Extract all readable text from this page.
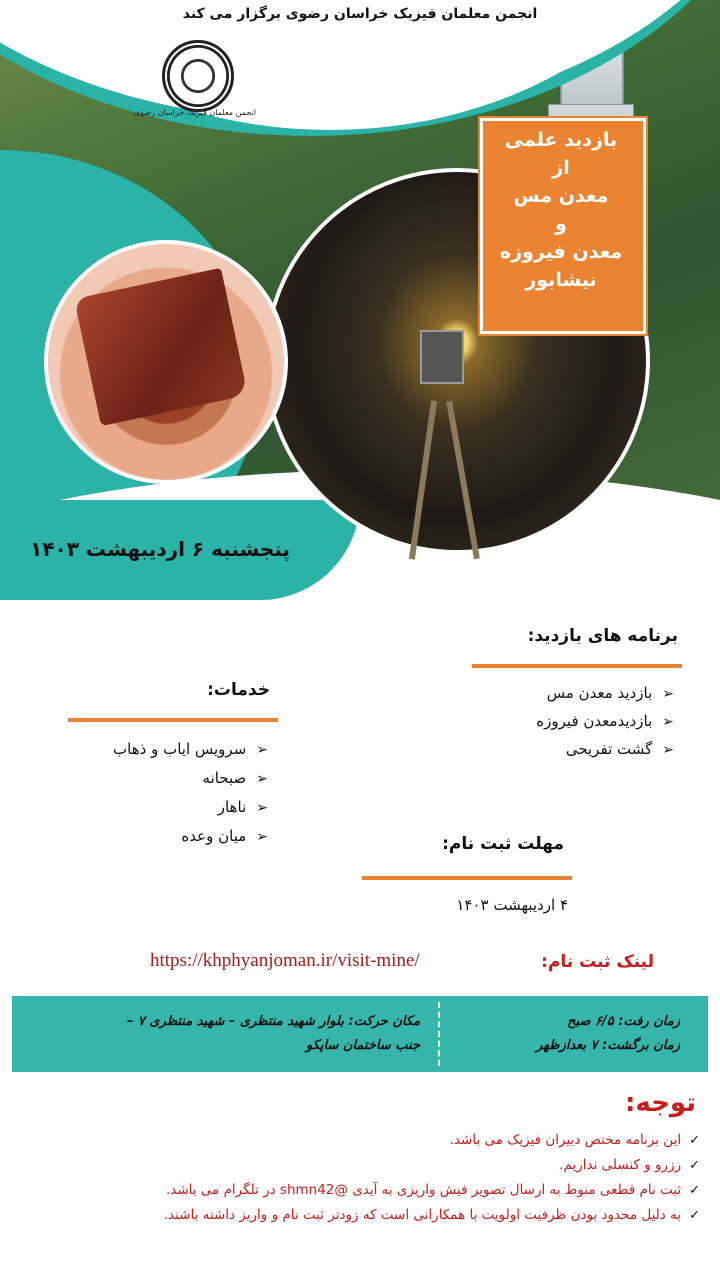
انجمن معلمان فیزیک خراسان رضوی برگزار می کند
انجمن معلمان فیزیک خراسان رضوی
بازدید علمی
از
معدن مس
و
معدن فیروزه
نیشابور
پنجشنبه ۶ اردیبهشت ۱۴۰۳
برنامه های بازدید:
➢بازدید معدن مس
➢بازدیدمعدن فیروزه
➢گشت تفریحی
خدمات:
➢سرویس ایاب و ذهاب
➢صبحانه
➢ناهار
➢میان وعده	مهلت ثبت نام:
۴ اردیبهشت ۱۴۰۳
لینک ثبت نام:
https://khphyanjoman.ir/visit-mine/
زمان رفت: ۶/۵ صبح
زمان برگشت: ۷ بعدازظهر
مکان حرکت: بلوار شهید منتظری – شهید منتظری ۷ –
جنب ساختمان ساپکو
توجه:
✓این برنامه مختص دبیران فیزیک می باشد.
✓رزرو و کنسلی نداریم.
✓ثبت نام قطعی منوط به ارسال تصویر فیش واریزی به آیدی @shmn42 در تلگرام می باشد.
✓به دلیل محدود بودن ظرفیت اولویت با همکارانی است که زودتر ثبت نام و واریز داشته باشند.
